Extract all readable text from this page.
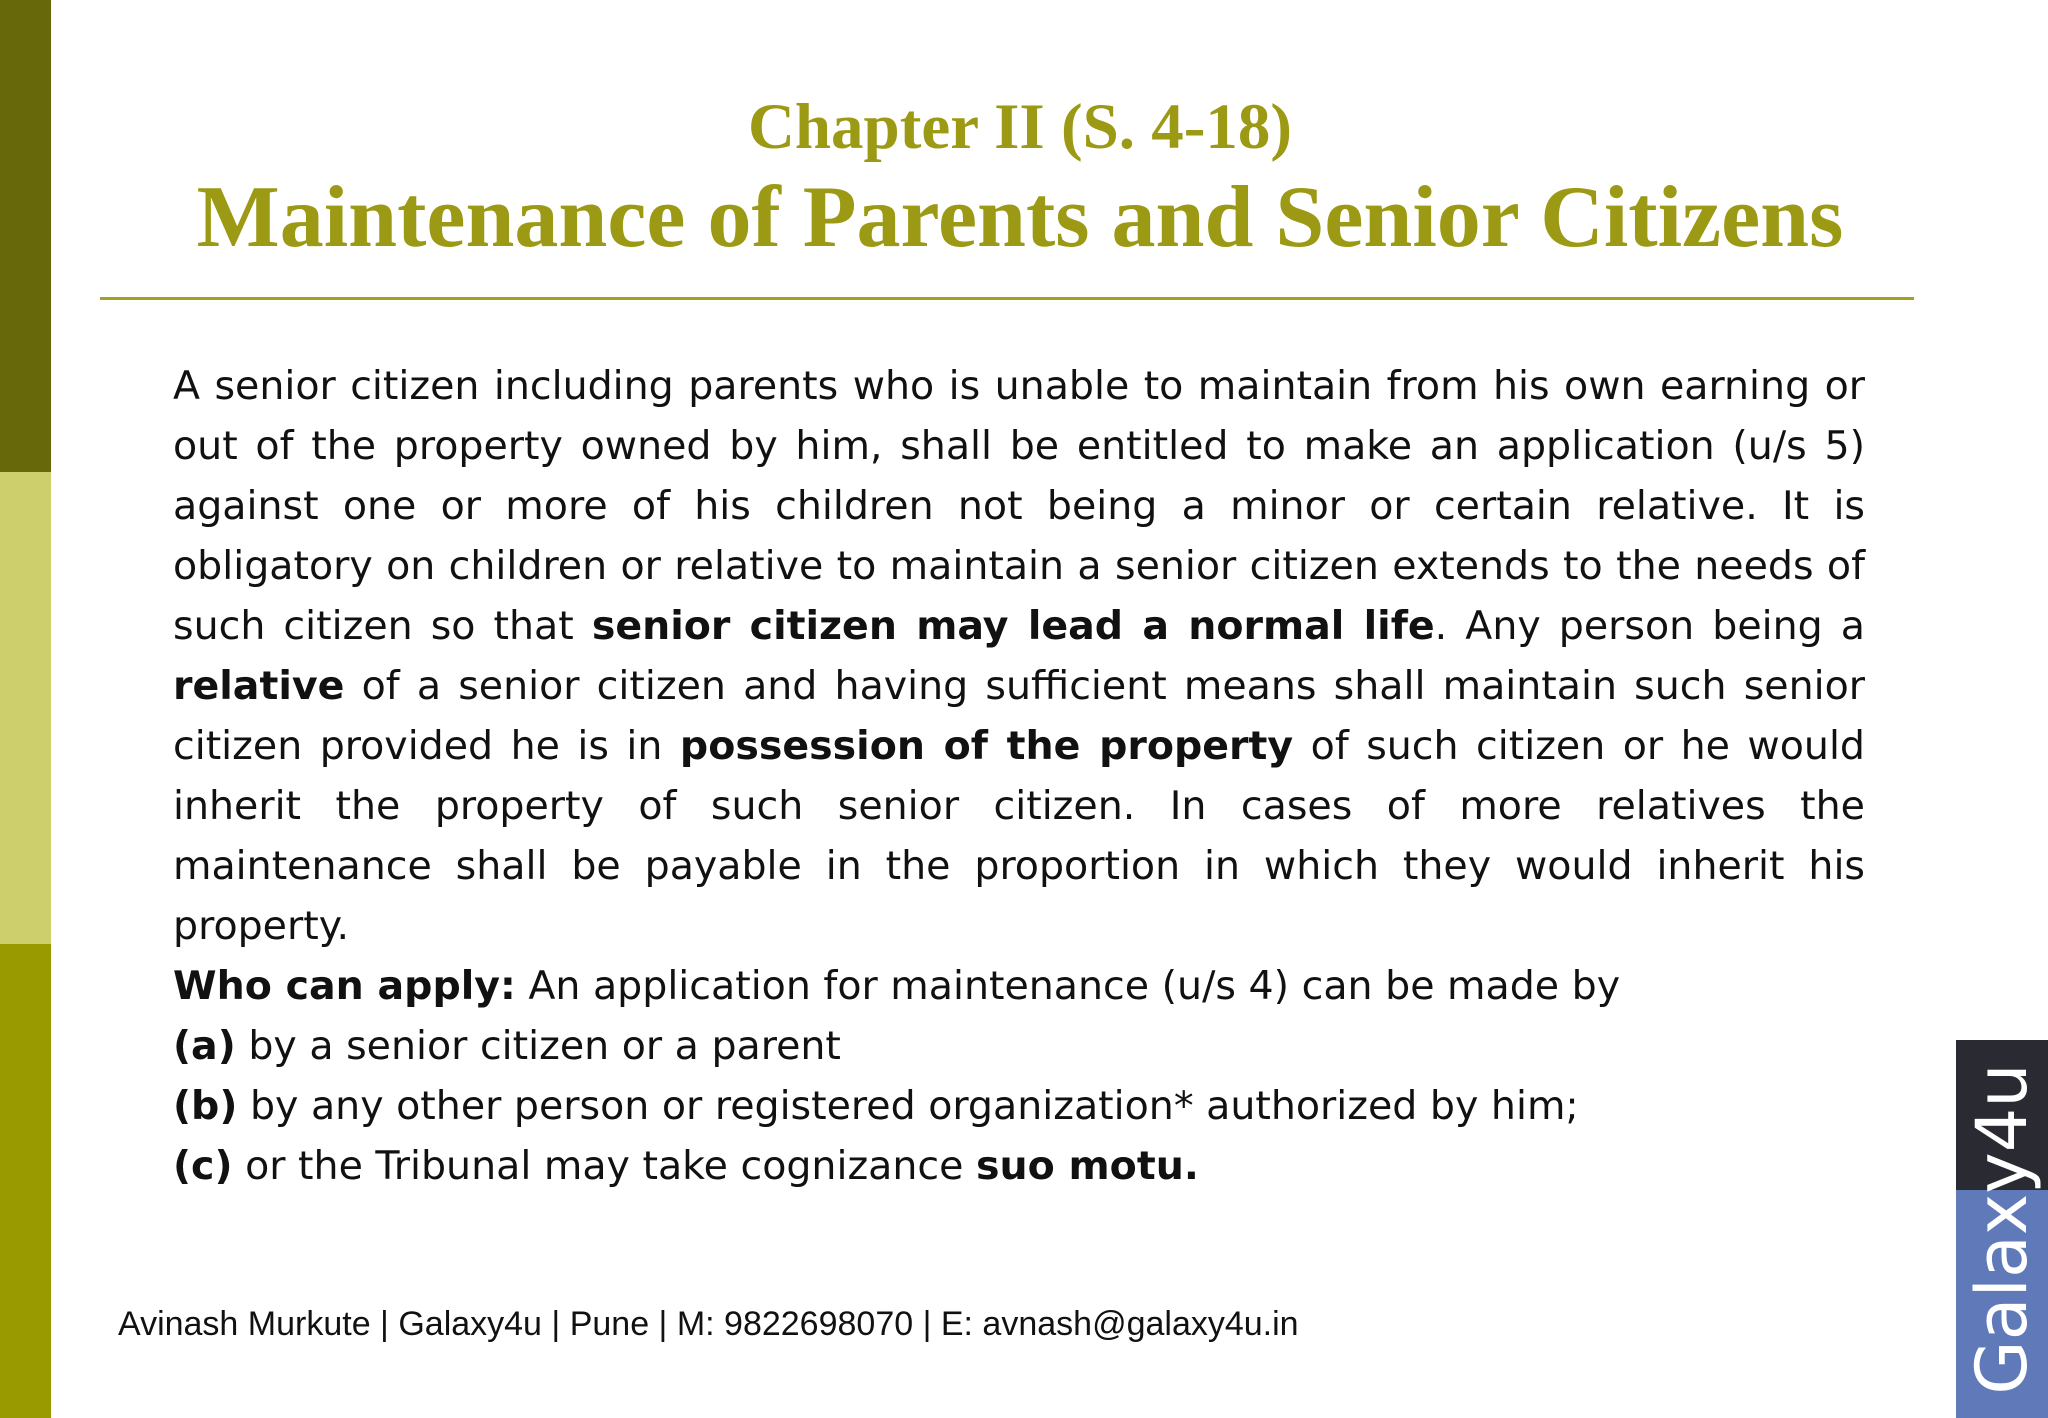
Chapter II (S. 4-18)
Maintenance of Parents and Senior Citizens

A senior citizen including parents who is unable to maintain from his own earning or out of the property owned by him, shall be entitled to make an application (u/s 5) against one or more of his children not being a minor or certain relative. It is obligatory on children or relative to maintain a senior citizen extends to the needs of such citizen so that senior citizen may lead a normal life. Any person being a relative of a senior citizen and having sufficient means shall maintain such senior citizen provided he is in possession of the property of such citizen or he would inherit the property of such senior citizen. In cases of more relatives the maintenance shall be payable in the proportion in which they would inherit his property.

Who can apply: An application for maintenance (u/s 4) can be made by

(a) by a senior citizen or a parent

(b) by any other person or registered organization* authorized by him;

(c) or the Tribunal may take cognizance suo motu.

Avinash Murkute | Galaxy4u | Pune | M: 9822698070 | E: avnash@galaxy4u.in	Galaxy4u
